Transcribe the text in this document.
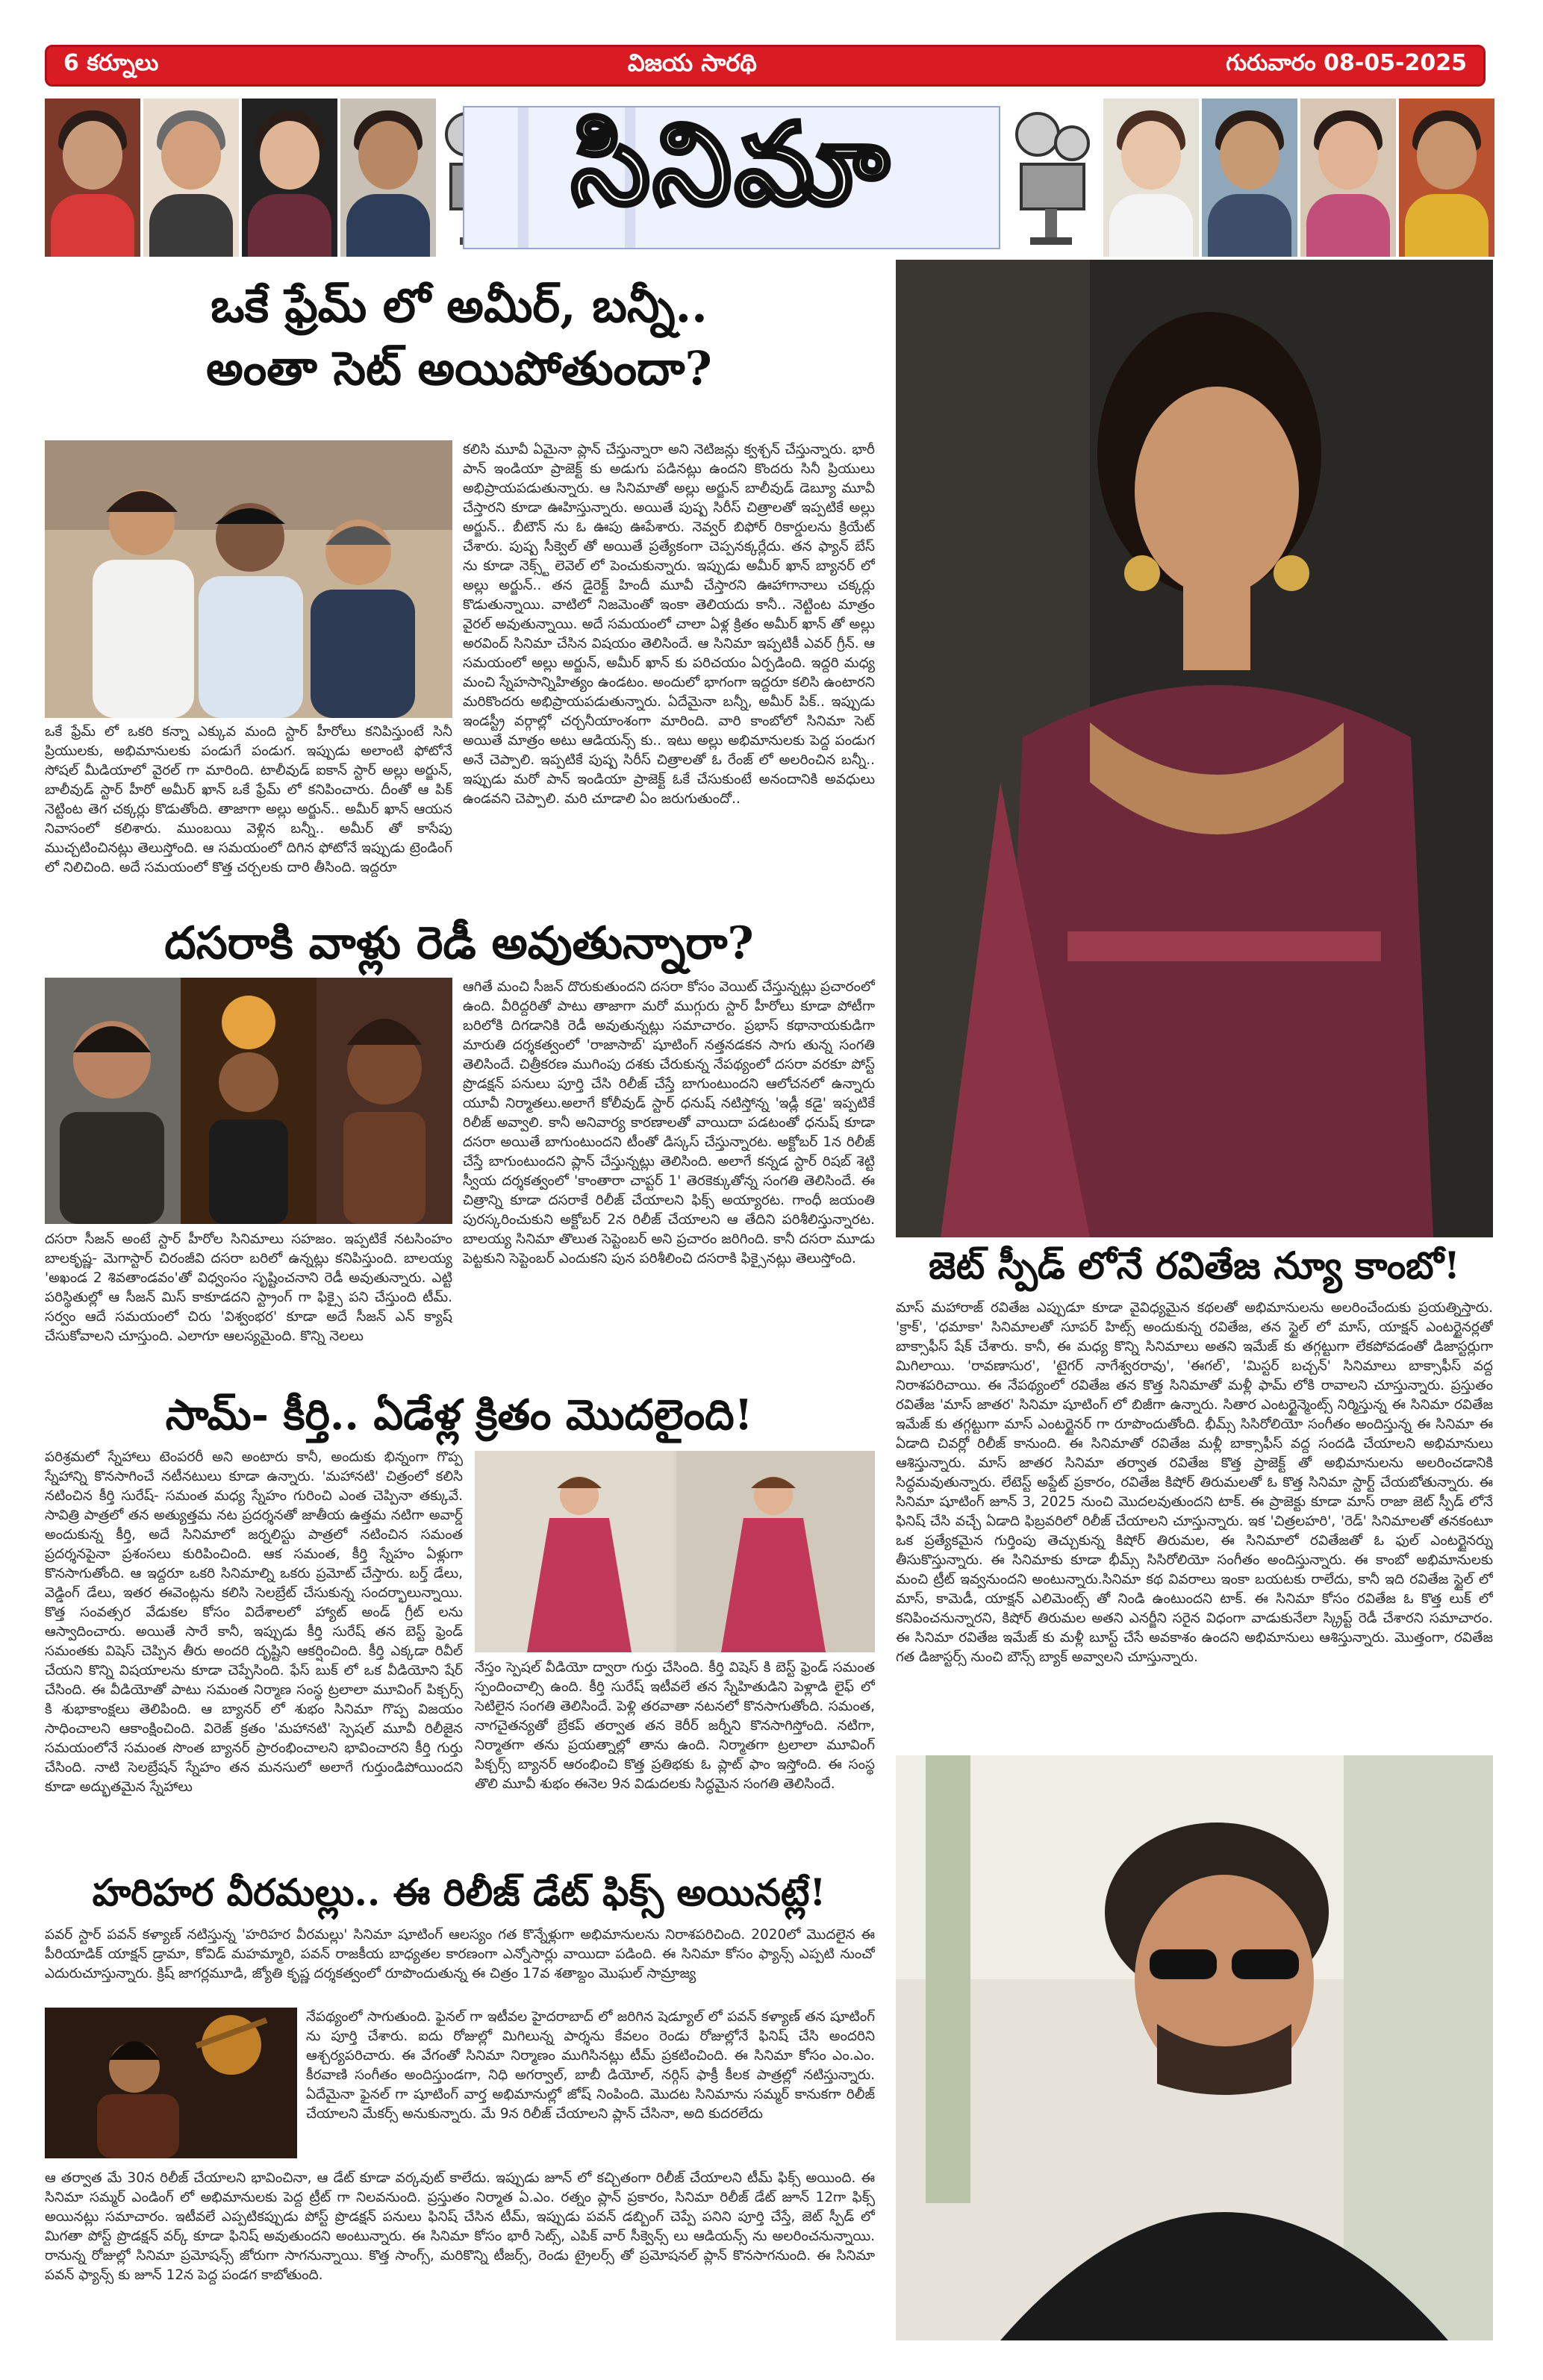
6 కర్నూలు	విజయ సారథి	గురువారం 08-05-2025
సినిమా
ఒకే ఫ్రేమ్ లో అమీర్, బన్నీ..
అంతా సెట్ అయిపోతుందా?
ఒకే ఫ్రేమ్ లో ఒకరి కన్నా ఎక్కువ మంది స్టార్ హీరోలు కనిపిస్తుంటే సినీ ప్రియులకు, అభిమానులకు పండుగే పండుగ. ఇప్పుడు అలాంటి ఫోటోనే సోషల్ మీడియాలో వైరల్ గా మారింది. టాలీవుడ్ ఐకాన్ స్టార్ అల్లు అర్జున్, బాలీవుడ్ స్టార్ హీరో అమీర్ ఖాన్ ఒకే ఫ్రేమ్ లో కనిపించారు. దీంతో ఆ పిక్ నెట్టింట తెగ చక్కర్లు కొడుతోంది. తాజాగా అల్లు అర్జున్.. అమీర్ ఖాన్ ఆయన నివాసంలో కలిశారు. ముంబయి వెళ్లిన బన్నీ.. అమీర్ తో కాసేపు ముచ్చటించినట్లు తెలుస్తోంది. ఆ సమయంలో దిగిన ఫోటోనే ఇప్పుడు ట్రెండింగ్ లో నిలిచింది. అదే సమయంలో కొత్త చర్చలకు దారి తీసింది. ఇద్దరూ
కలిసి మూవీ ఏమైనా ప్లాన్ చేస్తున్నారా అని నెటిజన్లు క్వశ్చన్ చేస్తున్నారు. భారీ పాన్ ఇండియా ప్రాజెక్ట్ కు అడుగు పడినట్లు ఉందని కొందరు సినీ ప్రియులు అభిప్రాయపడుతున్నారు. ఆ సినిమాతో అల్లు అర్జున్ బాలీవుడ్ డెబ్యూ మూవీ చేస్తారని కూడా ఊహిస్తున్నారు. అయితే పుష్ప సిరీస్ చిత్రాలతో ఇప్పటికే అల్లు అర్జున్.. బీటౌన్ ను ఓ ఊపు ఊపేశారు. నెవ్వర్ బిఫోర్ రికార్డులను క్రియేట్ చేశారు. పుష్ప సీక్వెల్ తో అయితే ప్రత్యేకంగా చెప్పనక్కర్లేదు. తన ఫ్యాన్ బేస్ ను కూడా నెక్స్ట్ లెవెల్ లో పెంచుకున్నారు. ఇప్పుడు అమీర్ ఖాన్ బ్యానర్ లో అల్లు అర్జున్.. తన డైరెక్ట్ హిందీ మూవీ చేస్తారని ఊహాగానాలు చక్కర్లు కొడుతున్నాయి. వాటిలో నిజమెంతో ఇంకా తెలియదు కానీ.. నెట్టింట మాత్రం వైరల్ అవుతున్నాయి. అదే సమయంలో చాలా ఏళ్ల క్రితం అమీర్ ఖాన్ తో అల్లు అరవింద్ సినిమా చేసిన విషయం తెలిసిందే. ఆ సినిమా ఇప్పటికీ ఎవర్ గ్రీన్. ఆ సమయంలో అల్లు అర్జున్, అమీర్ ఖాన్ కు పరిచయం ఏర్పడింది. ఇద్దరి మధ్య మంచి స్నేహసాన్నిహిత్యం ఉండటం. అందులో భాగంగా ఇద్దరూ కలిసి ఉంటారని మరికొందరు అభిప్రాయపడుతున్నారు. ఏదేమైనా బన్నీ, అమీర్ పిక్.. ఇప్పుడు ఇండస్ట్రీ వర్గాల్లో చర్చనీయాంశంగా మారింది. వారి కాంబోలో సినిమా సెట్ అయితే మాత్రం అటు ఆడియన్స్ కు.. ఇటు అల్లు అభిమానులకు పెద్ద పండుగ అనే చెప్పాలి. ఇప్పటికే పుష్ప సిరీస్ చిత్రాలతో ఓ రేంజ్ లో అలరించిన బన్నీ.. ఇప్పుడు మరో పాన్ ఇండియా ప్రాజెక్ట్ ఓకే చేసుకుంటే అనందానికి అవధులు ఉండవని చెప్పాలి. మరి చూడాలి ఏం జరుగుతుందో..
దసరాకి వాళ్లు రెడీ అవుతున్నారా?
దసరా సీజన్ అంటే స్టార్ హీరోల సినిమాలు సహజం. ఇప్పటికే నటసింహం బాలకృష్ణ- మెగాస్టార్ చిరంజీవి దసరా బరిలో ఉన్నట్లు కనిపిస్తుంది. బాలయ్య 'అఖండ 2 శివతాండవం'తో విధ్వంసం సృష్టించనాని రెడీ అవుతున్నారు. ఎట్టి పరిస్థితుల్లో ఆ సీజన్ మిస్ కాకూడదని స్ట్రాంగ్ గా ఫిక్సై పని చేస్తుంది టీమ్. సర్వం ఆదే సమయంలో చిరు 'విశ్వంభర' కూడా అదే సీజన్ ఎన్ క్యాష్ చేసుకోవాలని చూస్తుంది. ఎలాగూ ఆలస్యమైంది. కొన్ని నెలలు
ఆగితే మంచి సీజన్ దొరుకుతుందని దసరా కోసం వెయిట్ చేస్తున్నట్లు ప్రచారంలో ఉంది. వీరిద్దరితో పాటు తాజాగా మరో ముగ్గురు స్టార్ హీరోలు కూడా పోటీగా బరిలోకి దిగడానికి రెడీ అవుతున్నట్లు సమాచారం. ప్రభాస్ కథానాయకుడిగా మారుతి దర్శకత్వంలో 'రాజాసాబ్' షూటింగ్ నత్తనడకన సాగు తున్న సంగతి తెలిసిందే. చిత్రీకరణ ముగింపు దశకు చేరుకున్న నేపథ్యంలో దసరా వరకూ పోస్ట్ ప్రొడక్షన్ పనులు పూర్తి చేసి రిలీజ్ చేస్తే బాగుంటుందని ఆలోచనలో ఉన్నారు యూవీ నిర్మాతలు.అలాగే కోలీవుడ్ స్టార్ ధనుష్ నటిస్తోన్న 'ఇడ్లీ కడై' ఇప్పటికే రిలీజ్ అవ్వాలి. కానీ అనివార్య కారణాలతో వాయిదా పడటంతో ధనుష్ కూడా దసరా అయితే బాగుంటుందని టీంతో డిస్కస్ చేస్తున్నారట. అక్టోబర్ 1న రిలీజ్ చేస్తే బాగుంటుందని ప్లాన్ చేస్తున్నట్లు తెలిసింది. అలాగే కన్నడ స్టార్ రిషబ్ శెట్టి స్వీయ దర్శకత్వంలో 'కాంతారా చాప్టర్ 1' తెరకెక్కుతోన్న సంగతి తెలిసిందే. ఈ చిత్రాన్ని కూడా దసరాకే రిలీజ్ చేయాలని ఫిక్స్ అయ్యారట. గాంధీ జయంతి పురస్కరించుకుని అక్టోబర్ 2న రిలీజ్ చేయాలని ఆ తేదిని పరిశీలిస్తున్నారట. బాలయ్య సినిమా తొలుత సెప్టెంబర్ అని ప్రచారం జరిగింది. కానీ దసరా మూడు పెట్టకుని సెప్టెంబర్ ఎందుకని పున పరిశీలించి దసరాకి ఫిక్సైనట్లు తెలుస్తోంది.	జెట్ స్పీడ్ లోనే రవితేజ న్యూ కాంబో!
మాస్ మహారాజ్ రవితేజ ఎప్పుడూ కూడా వైవిధ్యమైన కథలతో అభిమానులను అలరించేందుకు ప్రయత్నిస్తారు. 'క్రాక్', 'ధమాకా' సినిమాలతో సూపర్ హిట్స్ అందుకున్న రవితేజ, తన స్టైల్ లో మాస్, యాక్షన్ ఎంటర్టైనర్లతో బాక్సాఫీస్ షేక్ చేశారు. కానీ, ఈ మధ్య కొన్ని సినిమాలు అతని ఇమేజ్ కు తగ్గట్టుగా లేకపోవడంతో డిజాస్టర్లుగా మిగిలాయి. 'రావణాసుర', 'టైగర్ నాగేశ్వరరావు', 'ఈగల్', 'మిస్టర్ బచ్చన్' సినిమాలు బాక్సాఫీస్ వద్ద నిరాశపరిచాయి. ఈ నేపథ్యంలో రవితేజ తన కొత్త సినిమాతో మళ్లీ ఫామ్ లోకి రావాలని చూస్తున్నారు. ప్రస్తుతం రవితేజ 'మాస్ జాతర' సినిమా షూటింగ్ లో బిజీగా ఉన్నారు. సితార ఎంటర్టైన్మెంట్స్ నిర్మిస్తున్న ఈ సినిమా రవితేజ ఇమేజ్ కు తగ్గట్టుగా మాస్ ఎంటర్టైనర్ గా రూపొందుతోంది. భీమ్స్ సిసిరోలియో సంగీతం అందిస్తున్న ఈ సినిమా ఈ ఏడాది చివర్లో రిలీజ్ కానుంది. ఈ సినిమాతో రవితేజ మళ్లీ బాక్సాఫీస్ వద్ద సందడి చేయాలని అభిమానులు ఆశిస్తున్నారు. మాస్ జాతర సినిమా తర్వాత రవితేజ కొత్త ప్రాజెక్ట్ తో అభిమానులను అలరించడానికి సిద్ధమవుతున్నారు. లేటెస్ట్ అప్డేట్ ప్రకారం, రవితేజ కిషోర్ తిరుమలతో ఓ కొత్త సినిమా స్టార్ట్ చేయబోతున్నారు. ఈ సినిమా షూటింగ్ జూన్ 3, 2025 నుంచి మొదలవుతుందని టాక్. ఈ ప్రాజెక్టు కూడా మాస్ రాజా జెట్ స్పీడ్ లోనే ఫినిష్ చేసి వచ్చే ఏడాది ఫిబ్రవరిలో రిలీజ్ చేయాలని చూస్తున్నారు. ఇక 'చిత్రలహరి', 'రెడ్' సినిమాలతో తనకంటూ ఒక ప్రత్యేకమైన గుర్తింపు తెచ్చుకున్న కిషోర్ తిరుమల, ఈ సినిమాలో రవితేజతో ఓ ఫుల్ ఎంటర్టైనర్ను తీసుకొస్తున్నారు. ఈ సినిమాకు కూడా భీమ్స్ సిసిరోలియో సంగీతం అందిస్తున్నారు. ఈ కాంబో అభిమానులకు మంచి ట్రీట్ ఇవ్వనుందని అంటున్నారు.సినిమా కథ వివరాలు ఇంకా బయటకు రాలేదు, కానీ ఇది రవితేజ స్టైల్ లో మాస్, కామెడీ, యాక్షన్ ఎలిమెంట్స్ తో నిండి ఉంటుందని టాక్. ఈ సినిమా కోసం రవితేజ ఓ కొత్త లుక్ లో కనిపించనున్నారని, కిషోర్ తిరుమల అతని ఎనర్జీని సరైన విధంగా వాడుకునేలా స్క్రిప్ట్ రెడీ చేశారని సమాచారం. ఈ సినిమా రవితేజ ఇమేజ్ కు మళ్లీ బూస్ట్ చేసే అవకాశం ఉందని అభిమానులు ఆశిస్తున్నారు. మొత్తంగా, రవితేజ గత డిజాస్టర్స్ నుంచి బౌన్స్ బ్యాక్ అవ్వాలని చూస్తున్నారు.
సామ్- కీర్తి.. ఏడేళ్ల క్రితం మొదలైంది!
పరిశ్రమలో స్నేహాలు టెంపరరీ అని అంటారు కానీ, అందుకు భిన్నంగా గొప్ప స్నేహాన్ని కొనసాగించే నటీనటులు కూడా ఉన్నారు. 'మహానటి' చిత్రంలో కలిసి నటించిన కీర్తి సురేష్- సమంత మధ్య స్నేహం గురించి ఎంత చెప్పినా తక్కువే. సావిత్రి పాత్రలో తన అత్యుత్తమ నట ప్రదర్శనతో జాతీయ ఉత్తమ నటిగా అవార్డ్ అందుకున్న కీర్తి, అదే సినిమాలో జర్నలిస్టు పాత్రలో నటించిన సమంత ప్రదర్శనపైనా ప్రశంసలు కురిపించింది. ఆక సమంత, కీర్తి స్నేహం ఏళ్లుగా కొనసాగుతోంది. ఆ ఇద్దరూ ఒకరి సినిమాల్ని ఒకరు ప్రమోట్ చేస్తారు. బర్త్ డేలు, వెడ్డింగ్ డేలు, ఇతర ఈవెంట్లను కలిసి సెలబ్రేట్ చేసుకున్న సందర్భాలున్నాయి. కొత్త సంవత్సర వేడుకల కోసం విదేశాలలో హ్యాట్ అండ్ గ్రీట్ లను ఆస్వాదించారు. అయితే సారే కానీ, ఇప్పుడు కీర్తి సురేష్ తన బెస్ట్ ఫ్రెండ్ సమంతకు విషెస్ చెప్పిన తీరు అందరి దృష్టిని ఆకర్షించింది. కీర్తి ఎక్కడా రివీల్ చేయని కొన్ని విషయాలను కూడా చెప్పేసింది. ఫేస్ బుక్ లో ఒక వీడియోని షేర్ చేసింది. ఈ వీడియోతో పాటు సమంత నిర్మాణ సంస్థ ట్రలాలా మూవింగ్ పిక్చర్స్ కి శుభాకాంక్షలు తెలిపింది. ఆ బ్యానర్ లో శుభం సినిమా గొప్ప విజయం సాధించాలని ఆకాంక్షించింది. విరెజ్ క్రతం 'మహానటి' స్పెషల్ మూవీ రిలీజైన సమయంలోనే సమంత సొంత బ్యానర్ ప్రారంభించాలని భావించారని కీర్తి గుర్తు చేసింది. నాటి సెలబ్రేషన్ స్నేహం తన మనసులో అలాగే గుర్తుండిపోయిందని కూడా అద్భుతమైన స్నేహాలు
నేస్తం స్పెషల్ వీడియో ద్వారా గుర్తు చేసింది. కీర్తి విషెస్ కి బెస్ట్ ఫ్రెండ్ సమంత స్పందించాల్సి ఉంది. కీర్తి సురేష్ ఇటీవలే తన స్నేహితుడిని పెళ్లాడి లైఫ్ లో సెటిలైన సంగతి తెలిసిందే. పెళ్లి తరవాతా నటనలో కొనసాగుతోంది. సమంత, నాగచైతన్యతో బ్రేకప్ తర్వాత తన కెరీర్ జర్నీని కొనసాగిస్తోంది. నటిగా, నిర్మాతగా తను ప్రయత్నాల్లో తాను ఉంది. నిర్మాతగా ట్రలాలా మూవింగ్ పిక్చర్స్ బ్యానర్ ఆరంభించి కొత్త ప్రతిభకు ఓ ప్లాట్ ఫాం ఇస్తోంది. ఈ సంస్థ తొలి మూవీ శుభం ఈనెల 9న విడుదలకు సిద్ధమైన సంగతి తెలిసిందే.
హరిహర వీరమల్లు.. ఈ రిలీజ్ డేట్ ఫిక్స్ అయినట్లే!
పవర్ స్టార్ పవన్ కళ్యాణ్ నటిస్తున్న 'హరిహర వీరమల్లు' సినిమా షూటింగ్ ఆలస్యం గత కొన్నేళ్లుగా అభిమానులను నిరాశపరిచింది. 2020లో మొదలైన ఈ పీరియాడిక్ యాక్షన్ డ్రామా, కోవిడ్ మహమ్మారి, పవన్ రాజకీయ బాధ్యతల కారణంగా ఎన్నోసార్లు వాయిదా పడింది. ఈ సినిమా కోసం ఫ్యాన్స్ ఎప్పటి నుంచో ఎదురుచూస్తున్నారు. క్రిష్ జాగర్లమూడి, జ్యోతి కృష్ణ దర్శకత్వంలో రూపొందుతున్న ఈ చిత్రం 17వ శతాబ్దం మొఘల్ సామ్రాజ్య
నేపథ్యంలో సాగుతుంది. ఫైనల్ గా ఇటీవల హైదరాబాద్ లో జరిగిన షెడ్యూల్ లో పవన్ కళ్యాణ్ తన షూటింగ్ ను పూర్తి చేశారు. ఐదు రోజుల్లో మిగిలున్న పార్శను కేవలం రెండు రోజుల్లోనే ఫినిష్ చేసి అందరిని ఆశ్చర్యపరిచారు. ఈ వేగంతో సినిమా నిర్మాణం ముగిసినట్లు టీమ్ ప్రకటించింది. ఈ సినిమా కోసం ఎం.ఎం. కీరవాణి సంగీతం అందిస్తుండగా, నిధి అగర్వాల్, బాబీ డియోల్, నర్గిస్ ఫాక్రీ కీలక పాత్రల్లో నటిస్తున్నారు. ఏదేమైనా ఫైనల్ గా షూటింగ్ వార్త అభిమానుల్లో జోష్ నింపింది. మొదట సినిమాను సమ్మర్ కానుకగా రిలీజ్ చేయాలని మేకర్స్ అనుకున్నారు. మే 9న రిలీజ్ చేయాలని ప్లాన్ చేసినా, అది కుదరలేదు
ఆ తర్వాత మే 30న రిలీజ్ చేయాలని భావించినా, ఆ డేట్ కూడా వర్కవుట్ కాలేదు. ఇప్పుడు జూన్ లో కచ్చితంగా రిలీజ్ చేయాలని టీమ్ ఫిక్స్ అయింది. ఈ సినిమా సమ్మర్ ఎండింగ్ లో అభిమానులకు పెద్ద ట్రీట్ గా నిలవనుంది. ప్రస్తుతం నిర్మాత ఏ.ఎం. రత్నం ప్లాన్ ప్రకారం, సినిమా రిలీజ్ డేట్ జూన్ 12గా ఫిక్స్ అయినట్లు సమాచారం. ఇటీవలే ఎప్పటికప్పుడు పోస్ట్ ప్రొడక్షన్ పనులు ఫినిష్ చేసిన టీమ్, ఇప్పుడు పవన్ డబ్బింగ్ చెప్పే పనిని పూర్తి చేస్తే, జెట్ స్పీడ్ లో మిగతా పోస్ట్ ప్రొడక్షన్ వర్క్ కూడా ఫినిష్ అవుతుందని అంటున్నారు. ఈ సినిమా కోసం భారీ సెట్స్, ఎపిక్ వార్ సీక్వెన్స్ లు ఆడియన్స్ ను అలరించనున్నాయి. రానున్న రోజుల్లో సినిమా ప్రమోషన్స్ జోరుగా సాగనున్నాయి. కొత్త సాంగ్స్, మరికొన్ని టీజర్స్, రెండు ట్రైలర్స్ తో ప్రమోషనల్ ప్లాన్ కొనసాగనుంది. ఈ సినిమా పవన్ ఫ్యాన్స్ కు జూన్ 12న పెద్ద పండగ కాబోతుంది.
